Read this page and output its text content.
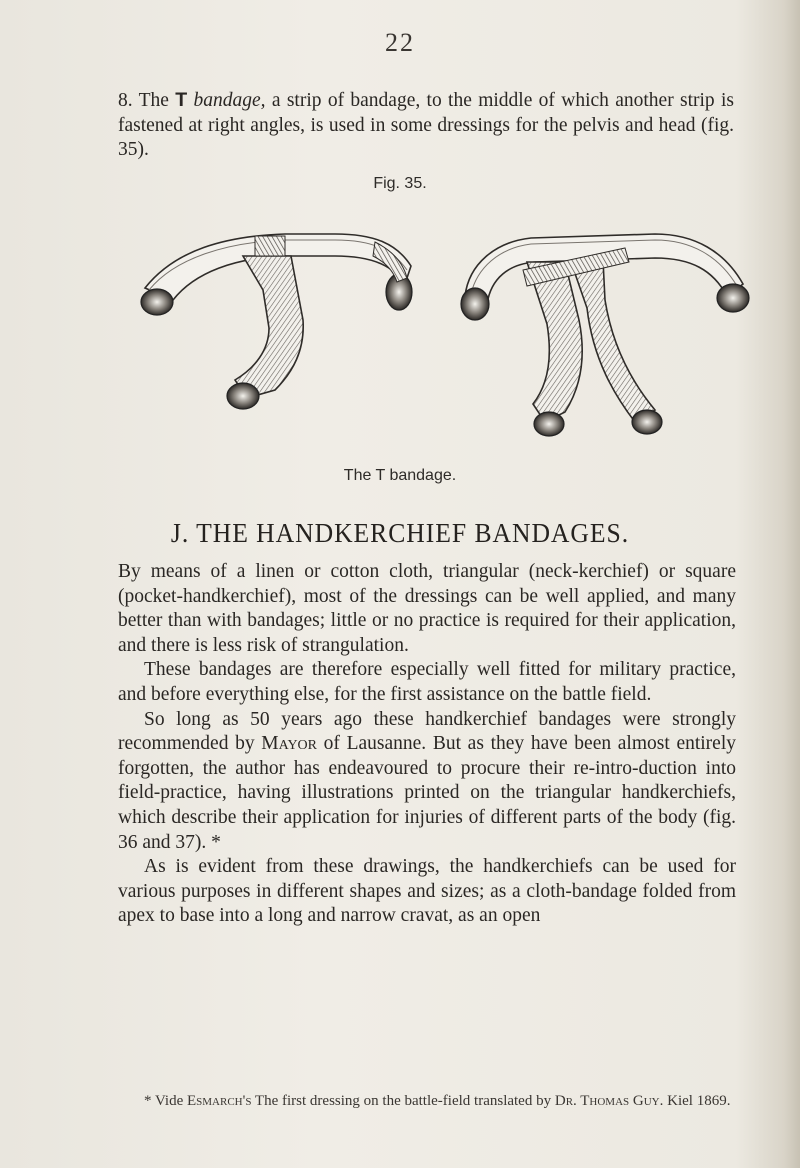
22

8. The T bandage, a strip of bandage, to the middle of which another strip is fastened at right angles, is used in some dressings for the pelvis and head (fig. 35).

Fig. 35.
The T bandage.
J. THE HANDKERCHIEF BANDAGES.

By means of a linen or cotton cloth, triangular (neck-kerchief) or square (pocket-handkerchief), most of the dressings can be well applied, and many better than with bandages; little or no practice is required for their application, and there is less risk of strangulation.

These bandages are therefore especially well fitted for military practice, and before everything else, for the first assistance on the battle field.

So long as 50 years ago these handkerchief bandages were strongly recommended by Mayor of Lausanne. But as they have been almost entirely forgotten, the author has endeavoured to procure their re-intro-duction into field-practice, having illustrations printed on the triangular handkerchiefs, which describe their application for injuries of different parts of the body (fig. 36 and 37). *

As is evident from these drawings, the handkerchiefs can be used for various purposes in different shapes and sizes; as a cloth-bandage folded from apex to base into a long and narrow cravat, as an open

* Vide Esmarch's The first dressing on the battle-field translated by Dr. Thomas Guy. Kiel 1869.
